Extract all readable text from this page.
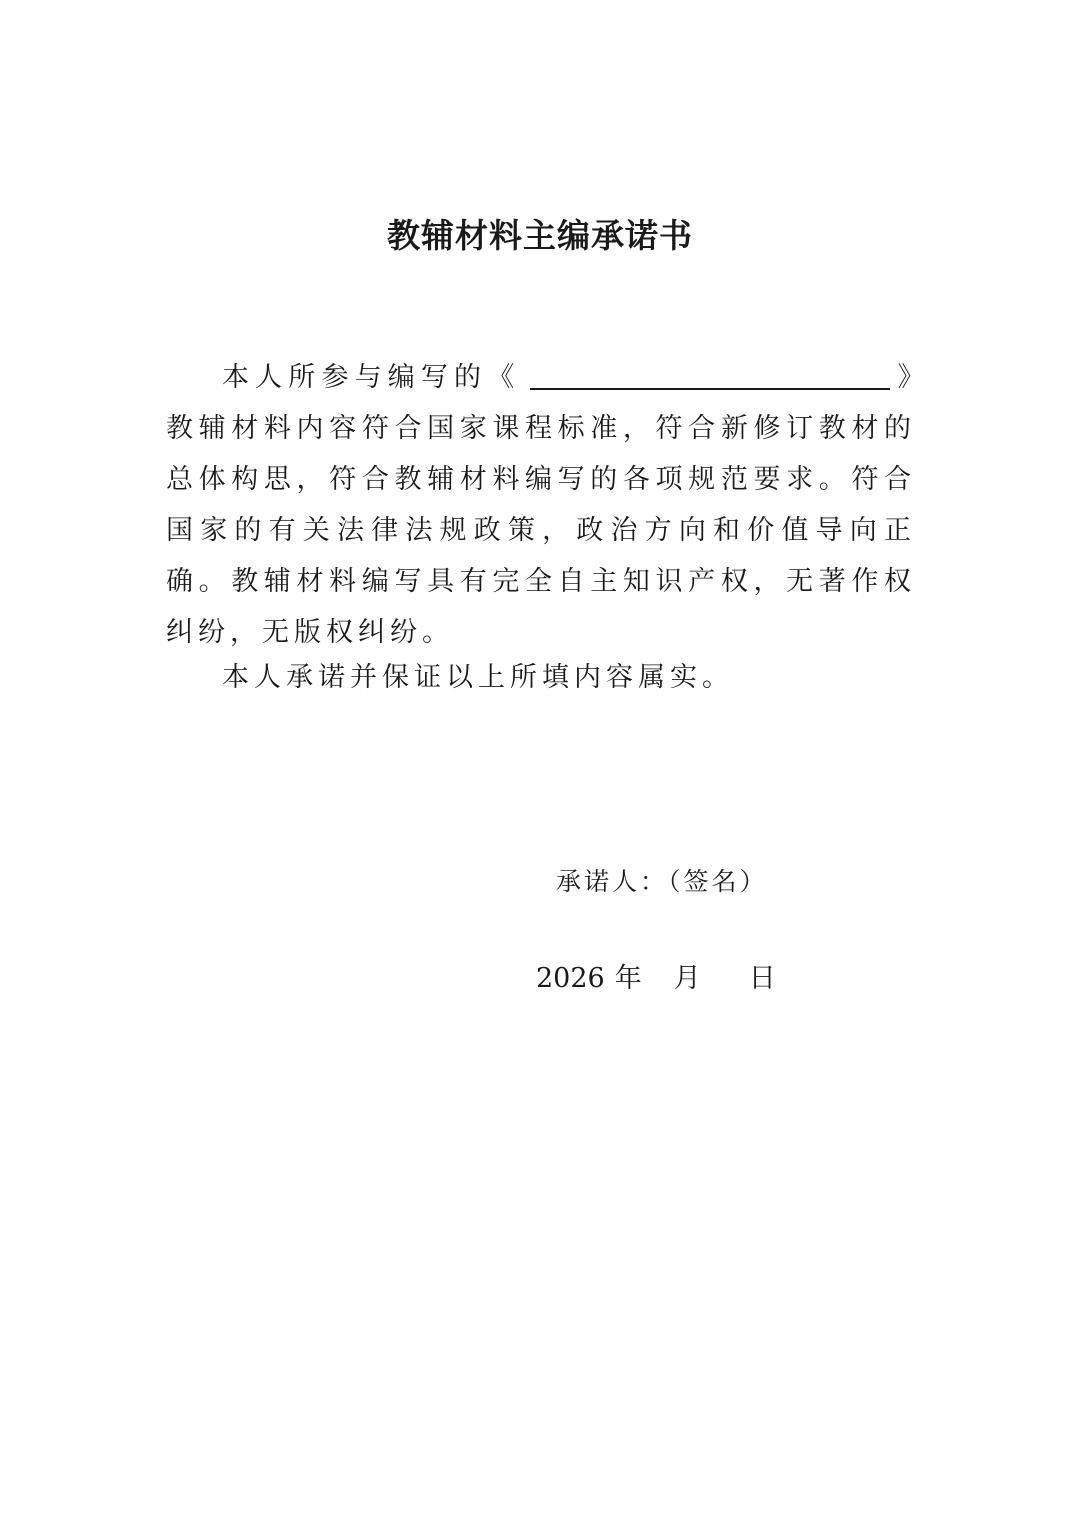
教辅材料主编承诺书

本人所参与编写的《	》教辅材料内容符合国家课程标准，符合新修订教材的总体构思，符合教辅材料编写的各项规范要求。符合国家的有关法律法规政策，政治方向和价值导向正确。教辅材料编写具有完全自主知识产权，无著作权纠纷，无版权纠纷。

本人承诺并保证以上所填内容属实。
承诺人：（签名）
2026 年 月 日
